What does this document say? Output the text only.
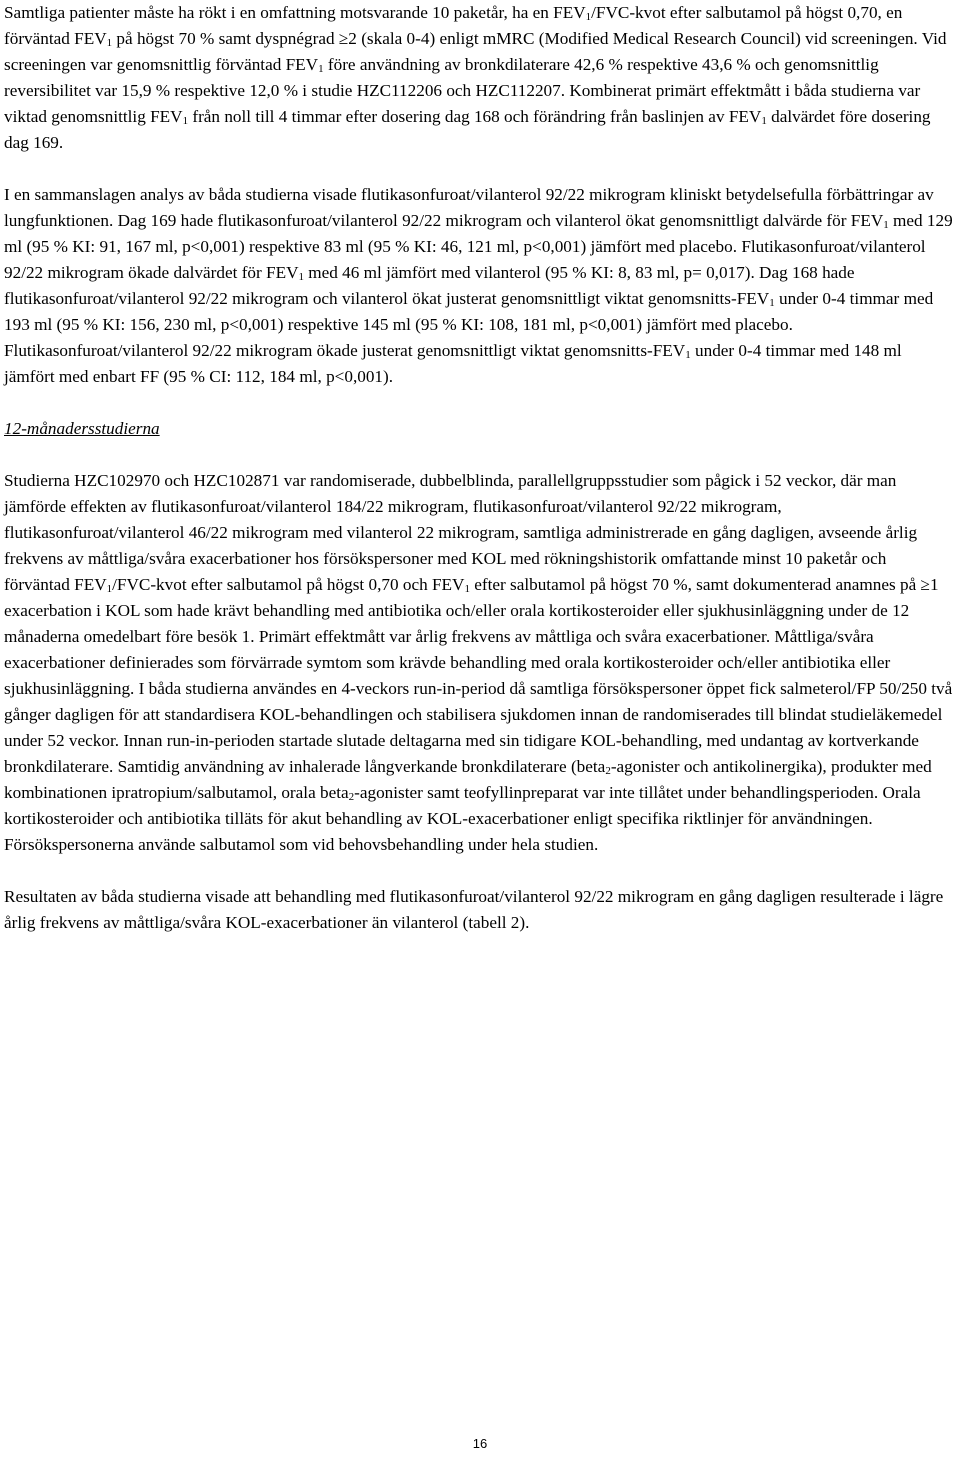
Samtliga patienter måste ha rökt i en omfattning motsvarande 10 paketår, ha en $FEV_1/FVC$-kvot efter salbutamol på högst 0,70, en förväntad $FEV_1$ på högst 70 % samt dyspnégrad ≥2 (skala 0-4) enligt mMRC (Modified Medical Research Council) vid screeningen. Vid screeningen var genomsnittlig förväntad $FEV_1$ före användning av bronkdilaterare 42,6 % respektive 43,6 % och genomsnittlig reversibilitet var 15,9 % respektive 12,0 % i studie HZC112206 och HZC112207. Kombinerat primärt effektmått i båda studierna var viktad genomsnittlig $FEV_1$ från noll till 4 timmar efter dosering dag 168 och förändring från baslinjen av $FEV_1$ dalvärdet före dosering dag 169.

I en sammanslagen analys av båda studierna visade flutikasonfuroat/vilanterol 92/22 mikrogram kliniskt betydelsefulla förbättringar av lungfunktionen. Dag 169 hade flutikasonfuroat/vilanterol 92/22 mikrogram och vilanterol ökat genomsnittligt dalvärde för $FEV_1$ med 129 ml (95 % KI: 91, 167 ml, p<0,001) respektive 83 ml (95 % KI: 46, 121 ml, p<0,001) jämfört med placebo. Flutikasonfuroat/vilanterol 92/22 mikrogram ökade dalvärdet för $FEV_1$ med 46 ml jämfört med vilanterol (95 % KI: 8, 83 ml, p= 0,017). Dag 168 hade flutikasonfuroat/vilanterol 92/22 mikrogram och vilanterol ökat justerat genomsnittligt viktat genomsnitts-$FEV_1$ under 0-4 timmar med 193 ml (95 % KI: 156, 230 ml, p<0,001) respektive 145 ml (95 % KI: 108, 181 ml, p<0,001) jämfört med placebo. Flutikasonfuroat/vilanterol 92/22 mikrogram ökade justerat genomsnittligt viktat genomsnitts-$FEV_1$ under 0-4 timmar med 148 ml jämfört med enbart FF (95 % CI: 112, 184 ml, p<0,001).

12-månadersstudierna

Studierna HZC102970 och HZC102871 var randomiserade, dubbelblinda, parallellgruppsstudier som pågick i 52 veckor, där man jämförde effekten av flutikasonfuroat/vilanterol 184/22 mikrogram, flutikasonfuroat/vilanterol 92/22 mikrogram, flutikasonfuroat/vilanterol 46/22 mikrogram med vilanterol 22 mikrogram, samtliga administrerade en gång dagligen, avseende årlig frekvens av måttliga/svåra exacerbationer hos försökspersoner med KOL med rökningshistorik omfattande minst 10 paketår och förväntad $FEV_1/FVC$-kvot efter salbutamol på högst 0,70 och $FEV_1$ efter salbutamol på högst 70 %, samt dokumenterad anamnes på ≥1 exacerbation i KOL som hade krävt behandling med antibiotika och/eller orala kortikosteroider eller sjukhusinläggning under de 12 månaderna omedelbart före besök 1. Primärt effektmått var årlig frekvens av måttliga och svåra exacerbationer. Måttliga/svåra exacerbationer definierades som förvärrade symtom som krävde behandling med orala kortikosteroider och/eller antibiotika eller sjukhusinläggning. I båda studierna användes en 4-veckors run-in-period då samtliga försökspersoner öppet fick salmeterol/FP 50/250 två gånger dagligen för att standardisera KOL-behandlingen och stabilisera sjukdomen innan de randomiserades till blindat studieläkemedel under 52 veckor. Innan run-in-perioden startade slutade deltagarna med sin tidigare KOL-behandling, med undantag av kortverkande bronkdilaterare. Samtidig användning av inhalerade långverkande bronkdilaterare (beta$_2$-agonister och antikolinergika), produkter med kombinationen ipratropium/salbutamol, orala beta$_2$-agonister samt teofyllinpreparat var inte tillåtet under behandlingsperioden. Orala kortikosteroider och antibiotika tilläts för akut behandling av KOL-exacerbationer enligt specifika riktlinjer för användningen. Försökspersonerna använde salbutamol som vid behovsbehandling under hela studien.

Resultaten av båda studierna visade att behandling med flutikasonfuroat/vilanterol 92/22 mikrogram en gång dagligen resulterade i lägre årlig frekvens av måttliga/svåra KOL-exacerbationer än vilanterol (tabell 2).

16
